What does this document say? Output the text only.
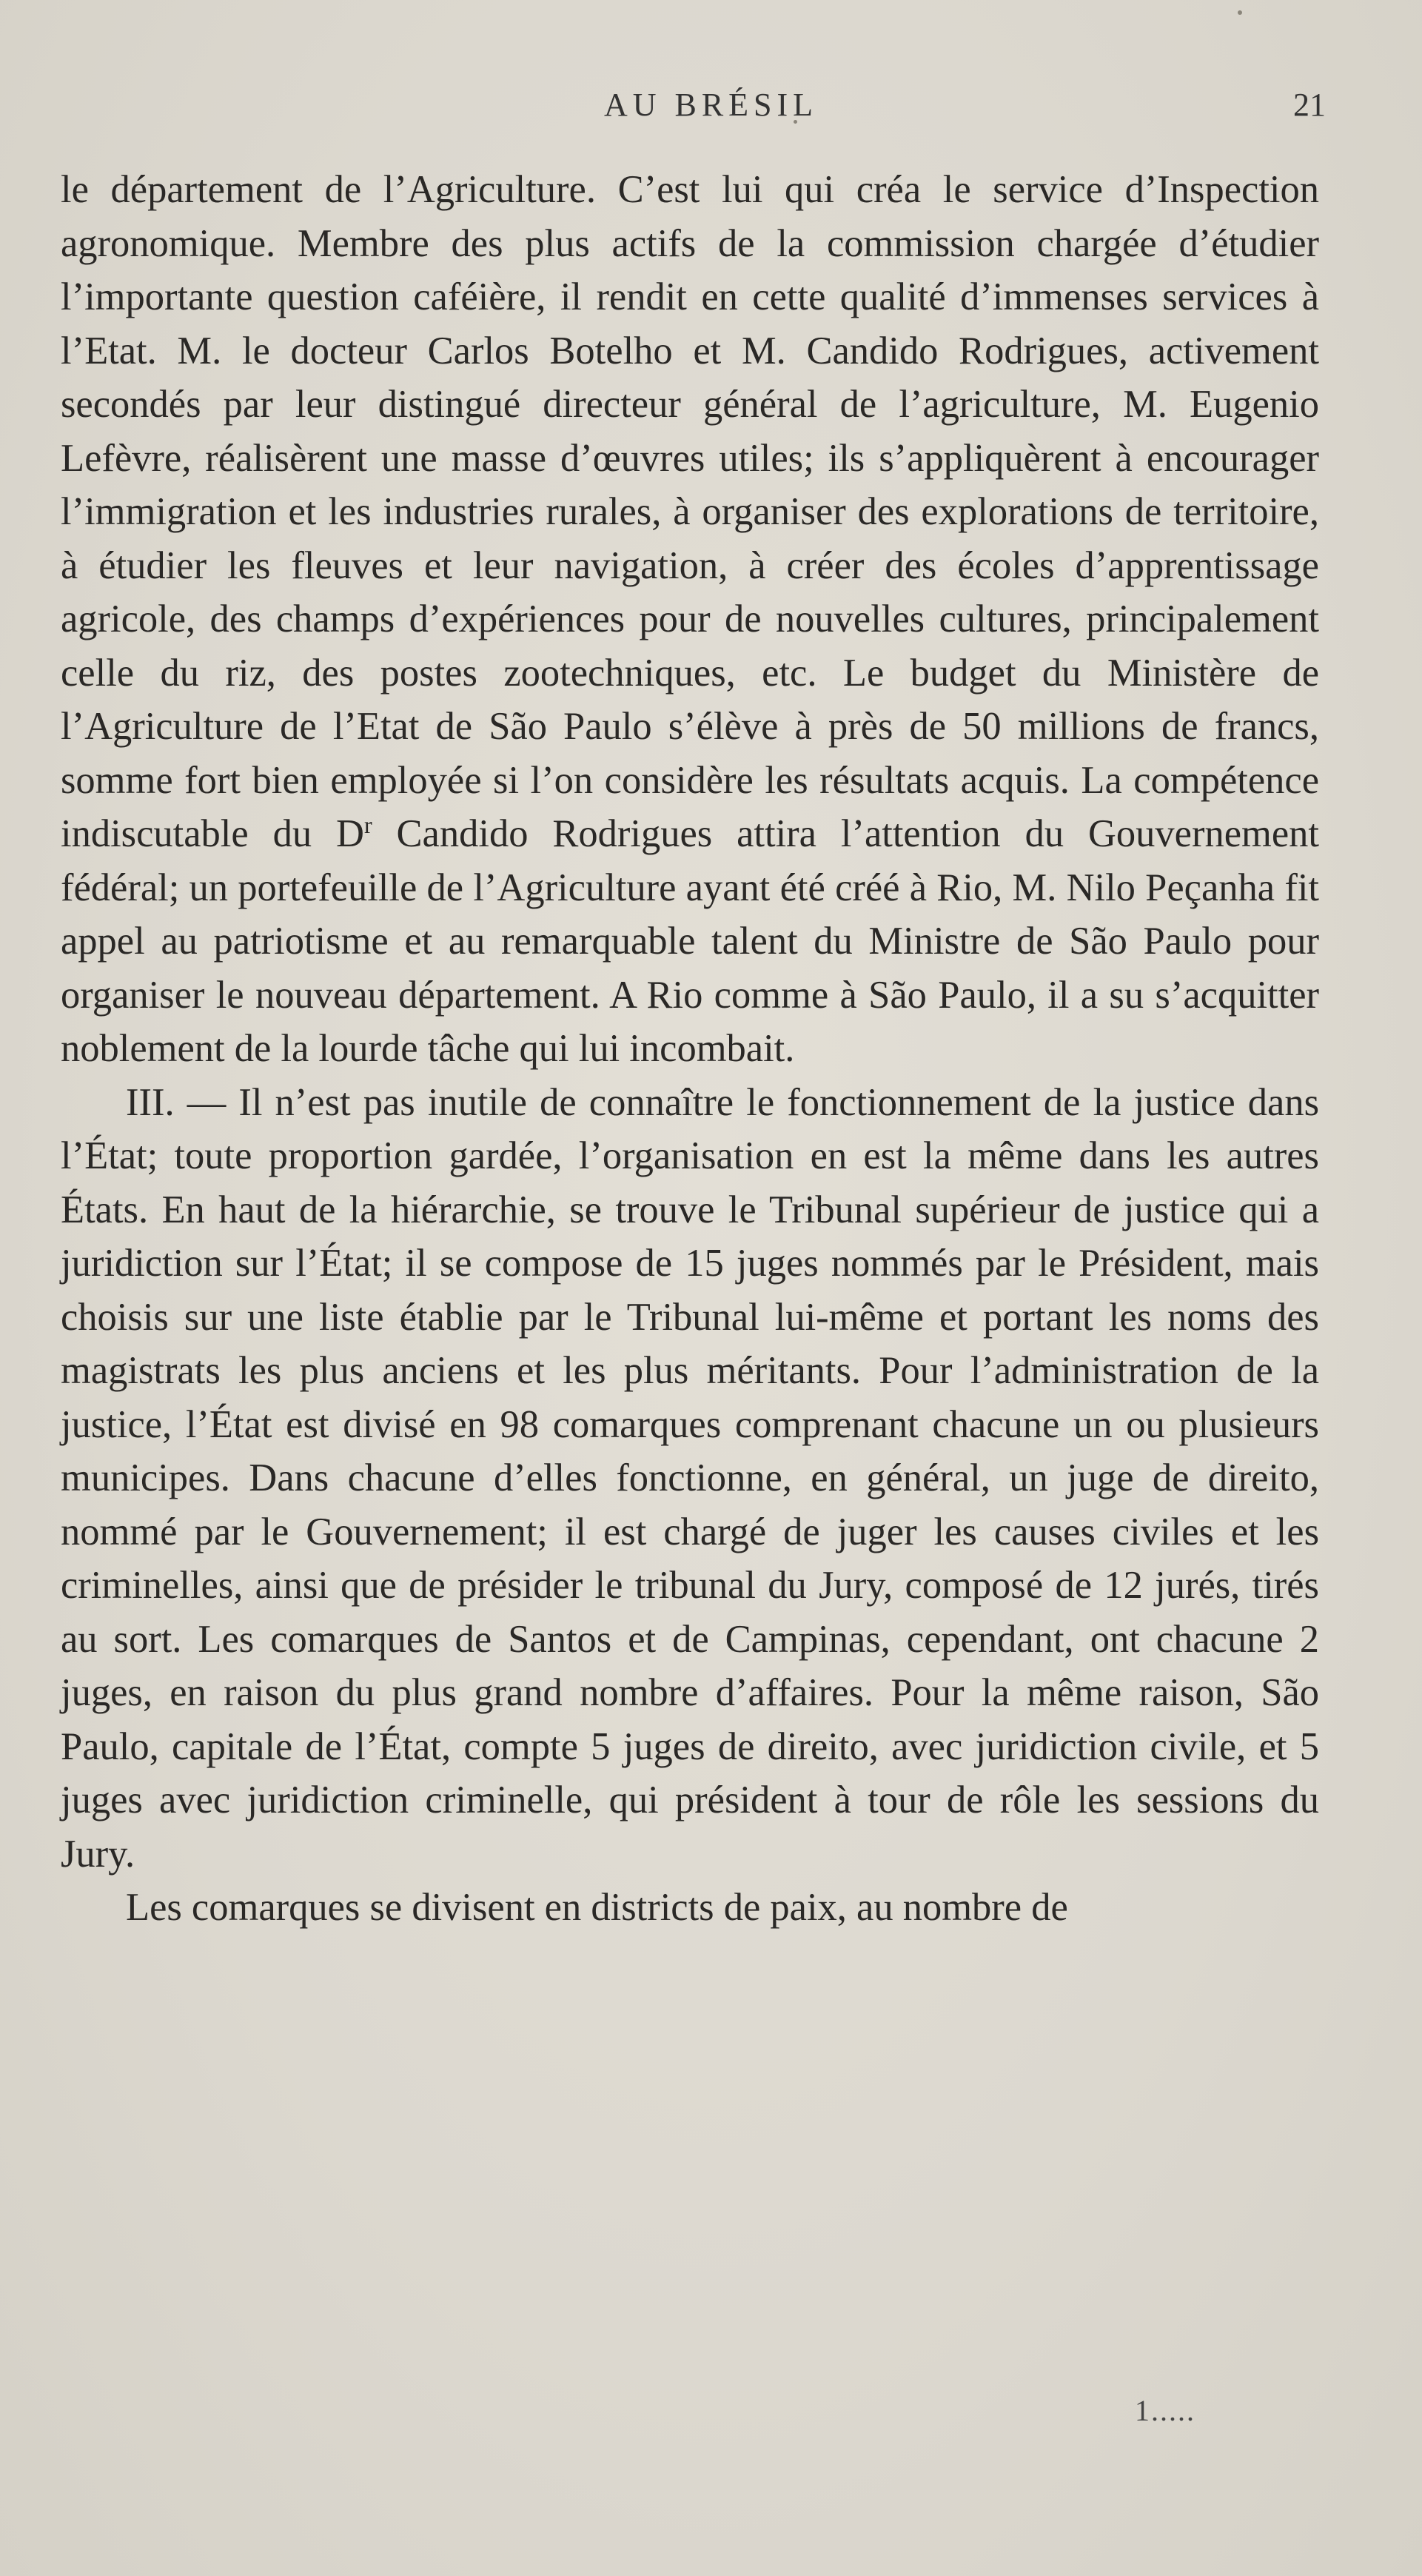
AU BRÉSIL	21

le département de l’Agriculture. C’est lui qui créa le service d’Inspection agronomique. Membre des plus actifs de la commission chargée d’étudier l’importante question caféière, il rendit en cette qualité d’immenses services à l’Etat. M. le docteur Carlos Botelho et M. Candido Rodrigues, activement secondés par leur distingué directeur général de l’agriculture, M. Eugenio Lefèvre, réalisèrent une masse d’œuvres utiles; ils s’appliquèrent à encourager l’immigration et les industries rurales, à organiser des explorations de territoire, à étudier les fleuves et leur navigation, à créer des écoles d’apprentissage agricole, des champs d’expériences pour de nouvelles cultures, principalement celle du riz, des postes zootechniques, etc. Le budget du Ministère de l’Agriculture de l’Etat de São Paulo s’élève à près de 50 millions de francs, somme fort bien employée si l’on considère les résultats acquis. La compétence indiscutable du $D^r$ Candido Rodrigues attira l’attention du Gouvernement fédéral; un portefeuille de l’Agriculture ayant été créé à Rio, M. Nilo Peçanha fit appel au patriotisme et au remarquable talent du Ministre de São Paulo pour organiser le nouveau département. A Rio comme à São Paulo, il a su s’acquitter noblement de la lourde tâche qui lui incombait.

III. — Il n’est pas inutile de connaître le fonctionnement de la justice dans l’État; toute proportion gardée, l’organisation en est la même dans les autres États. En haut de la hiérarchie, se trouve le Tribunal supérieur de justice qui a juridiction sur l’État; il se compose de 15 juges nommés par le Président, mais choisis sur une liste établie par le Tribunal lui-même et portant les noms des magistrats les plus anciens et les plus méritants. Pour l’administration de la justice, l’État est divisé en 98 comarques comprenant chacune un ou plusieurs municipes. Dans chacune d’elles fonctionne, en général, un juge de direito, nommé par le Gouvernement; il est chargé de juger les causes civiles et les criminelles, ainsi que de présider le tribunal du Jury, composé de 12 jurés, tirés au sort. Les comarques de Santos et de Campinas, cependant, ont chacune 2 juges, en raison du plus grand nombre d’affaires. Pour la même raison, São Paulo, capitale de l’État, compte 5 juges de direito, avec juridiction civile, et 5 juges avec juridiction criminelle, qui président à tour de rôle les sessions du Jury.

Les comarques se divisent en districts de paix, au nombre de

1.....
